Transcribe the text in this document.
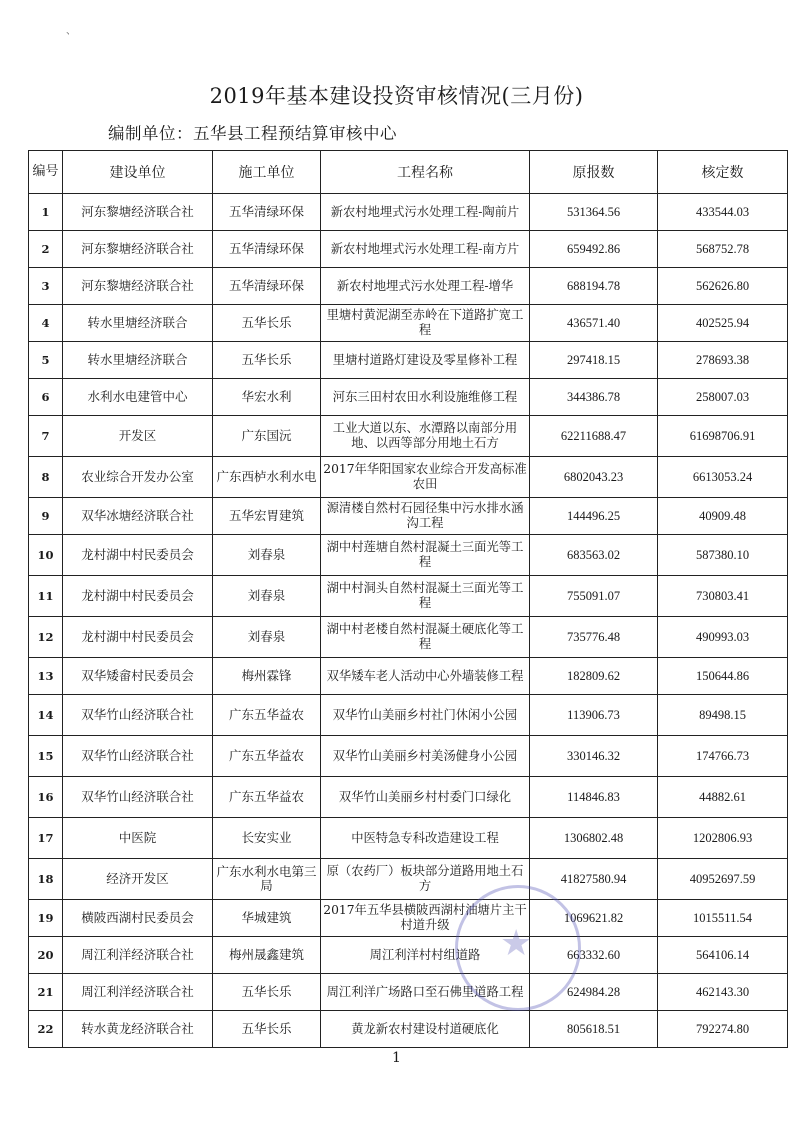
、
2019年基本建设投资审核情况(三月份)
编制单位：五华县工程预结算审核中心
编号	建设单位	施工单位	工程名称	原报数	核定数
1	河东黎塘经济联合社	五华清绿环保	新农村地埋式污水处理工程-陶前片	531364.56	433544.03
2	河东黎塘经济联合社	五华清绿环保	新农村地埋式污水处理工程-南方片	659492.86	568752.78
3	河东黎塘经济联合社	五华清绿环保	新农村地埋式污水处理工程-增华	688194.78	562626.80
4	转水里塘经济联合	五华长乐	里塘村黄泥湖至赤岭在下道路扩宽工程	436571.40	402525.94
5	转水里塘经济联合	五华长乐	里塘村道路灯建设及零星修补工程	297418.15	278693.38
6	水利水电建管中心	华宏水利	河东三田村农田水利设施维修工程	344386.78	258007.03
7	开发区	广东国沅	工业大道以东、水潭路以南部分用地、以西等部分用地土石方	62211688.47	61698706.91
8	农业综合开发办公室	广东西栌水利水电	2017年华阳国家农业综合开发高标准农田	6802043.23	6613053.24
9	双华冰塘经济联合社	五华宏胃建筑	源清楼自然村石园径集中污水排水涵沟工程	144496.25	40909.48
10	龙村湖中村民委员会	刘春泉	湖中村莲塘自然村混凝土三面光等工程	683563.02	587380.10
11	龙村湖中村民委员会	刘春泉	湖中村洞头自然村混凝土三面光等工程	755091.07	730803.41
12	龙村湖中村民委员会	刘春泉	湖中村老楼自然村混凝土硬底化等工程	735776.48	490993.03
13	双华矮畲村民委员会	梅州霖锋	双华矮车老人活动中心外墙装修工程	182809.62	150644.86
14	双华竹山经济联合社	广东五华益农	双华竹山美丽乡村社门休闲小公园	113906.73	89498.15
15	双华竹山经济联合社	广东五华益农	双华竹山美丽乡村美汤健身小公园	330146.32	174766.73
16	双华竹山经济联合社	广东五华益农	双华竹山美丽乡村村委门口绿化	114846.83	44882.61
17	中医院	长安实业	中医特急专科改造建设工程	1306802.48	1202806.93
18	经济开发区	广东水利水电第三局	原（农药厂）板块部分道路用地土石方	41827580.94	40952697.59
19	横陂西湖村民委员会	华城建筑	2017年五华县横陂西湖村油塘片主干村道升级	1069621.82	1015511.54
20	周江利洋经济联合社	梅州晟鑫建筑	周江利洋村村组道路	663332.60	564106.14
21	周江利洋经济联合社	五华长乐	周江利洋广场路口至石佛里道路工程	624984.28	462143.30
22	转水黄龙经济联合社	五华长乐	黄龙新农村建设村道硬底化	805618.51	792274.80
★
1
